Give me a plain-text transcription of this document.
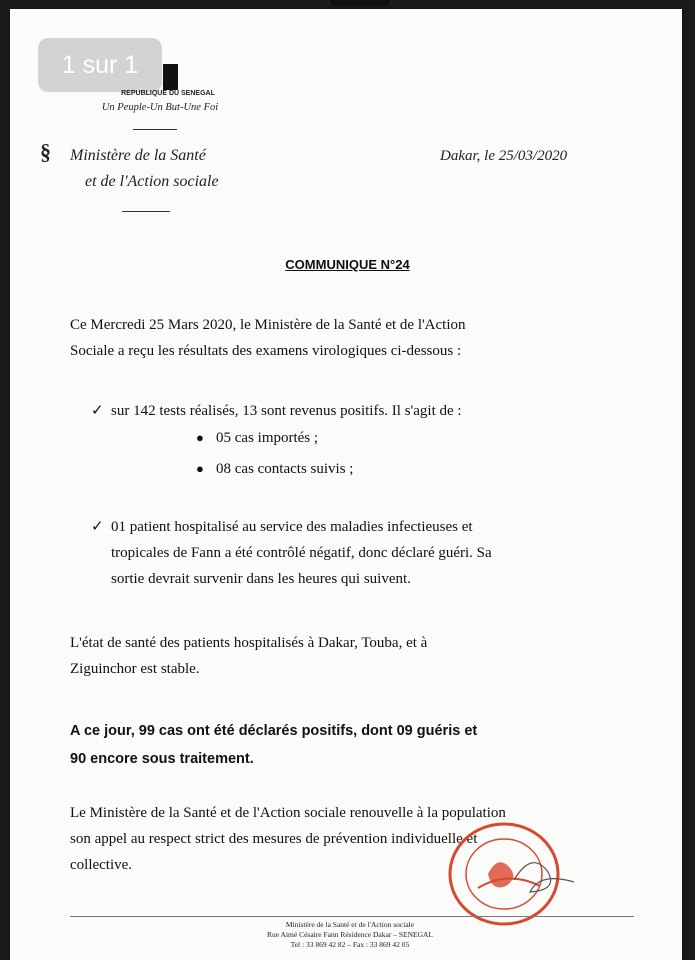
1 sur 1
REPUBLIQUE DU SENEGAL
Un Peuple-Un But-Une Foi
§	Ministère de la Santé
et de l'Action sociale
Dakar, le 25/03/2020
COMMUNIQUE N°24
Ce Mercredi 25 Mars 2020, le Ministère de la Santé et de l'Action
Sociale a reçu les résultats des examens virologiques ci-dessous :
✓ sur 142 tests réalisés, 13 sont revenus positifs. Il s'agit de :
● 05 cas importés ;
● 08 cas contacts suivis ;
✓ 01 patient hospitalisé au service des maladies infectieuses et
tropicales de Fann a été contrôlé négatif, donc déclaré guéri. Sa
sortie devrait survenir dans les heures qui suivent.
L'état de santé des patients hospitalisés à Dakar, Touba, et à
Ziguinchor est stable.
A ce jour, 99 cas ont été déclarés positifs, dont 09 guéris et
90 encore sous traitement.
Le Ministère de la Santé et de l'Action sociale renouvelle à la population
son appel au respect strict des mesures de prévention individuelle et
collective.
Ministère de la Santé et de l'Action sociale
Rue Aimé Césaire Fann Résidence Dakar – SENEGAL
Tel : 33 869 42 82 – Fax : 33 869 42 05
